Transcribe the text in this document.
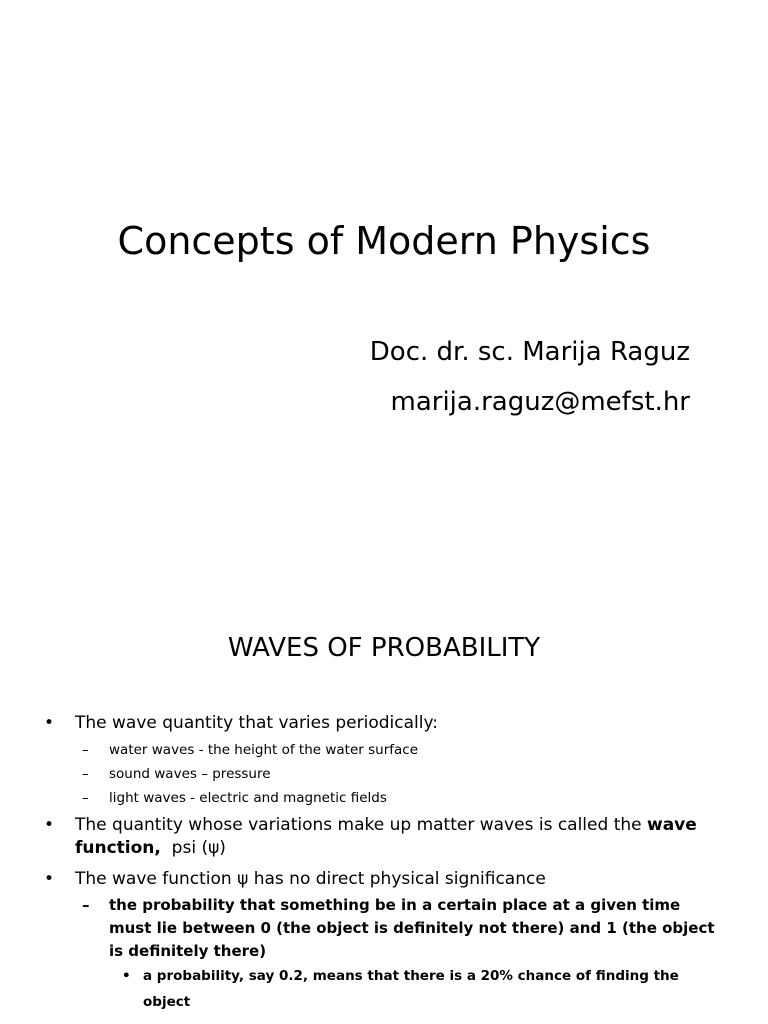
Concepts of Modern Physics
Doc. dr. sc. Marija Raguz
marija.raguz@mefst.hr
WAVES OF PROBABILITY
• The wave quantity that varies periodically:
– water waves - the height of the water surface
– sound waves – pressure
– light waves - electric and magnetic fields
• The quantity whose variations make up matter waves is called the wave function,  psi (ψ)
• The wave function ψ has no direct physical significance
– the probability that something be in a certain place at a given time must lie between 0 (the object is definitely not there) and 1 (the object is definitely there)
• a probability, say 0.2, means that there is a 20% chance of finding the object
